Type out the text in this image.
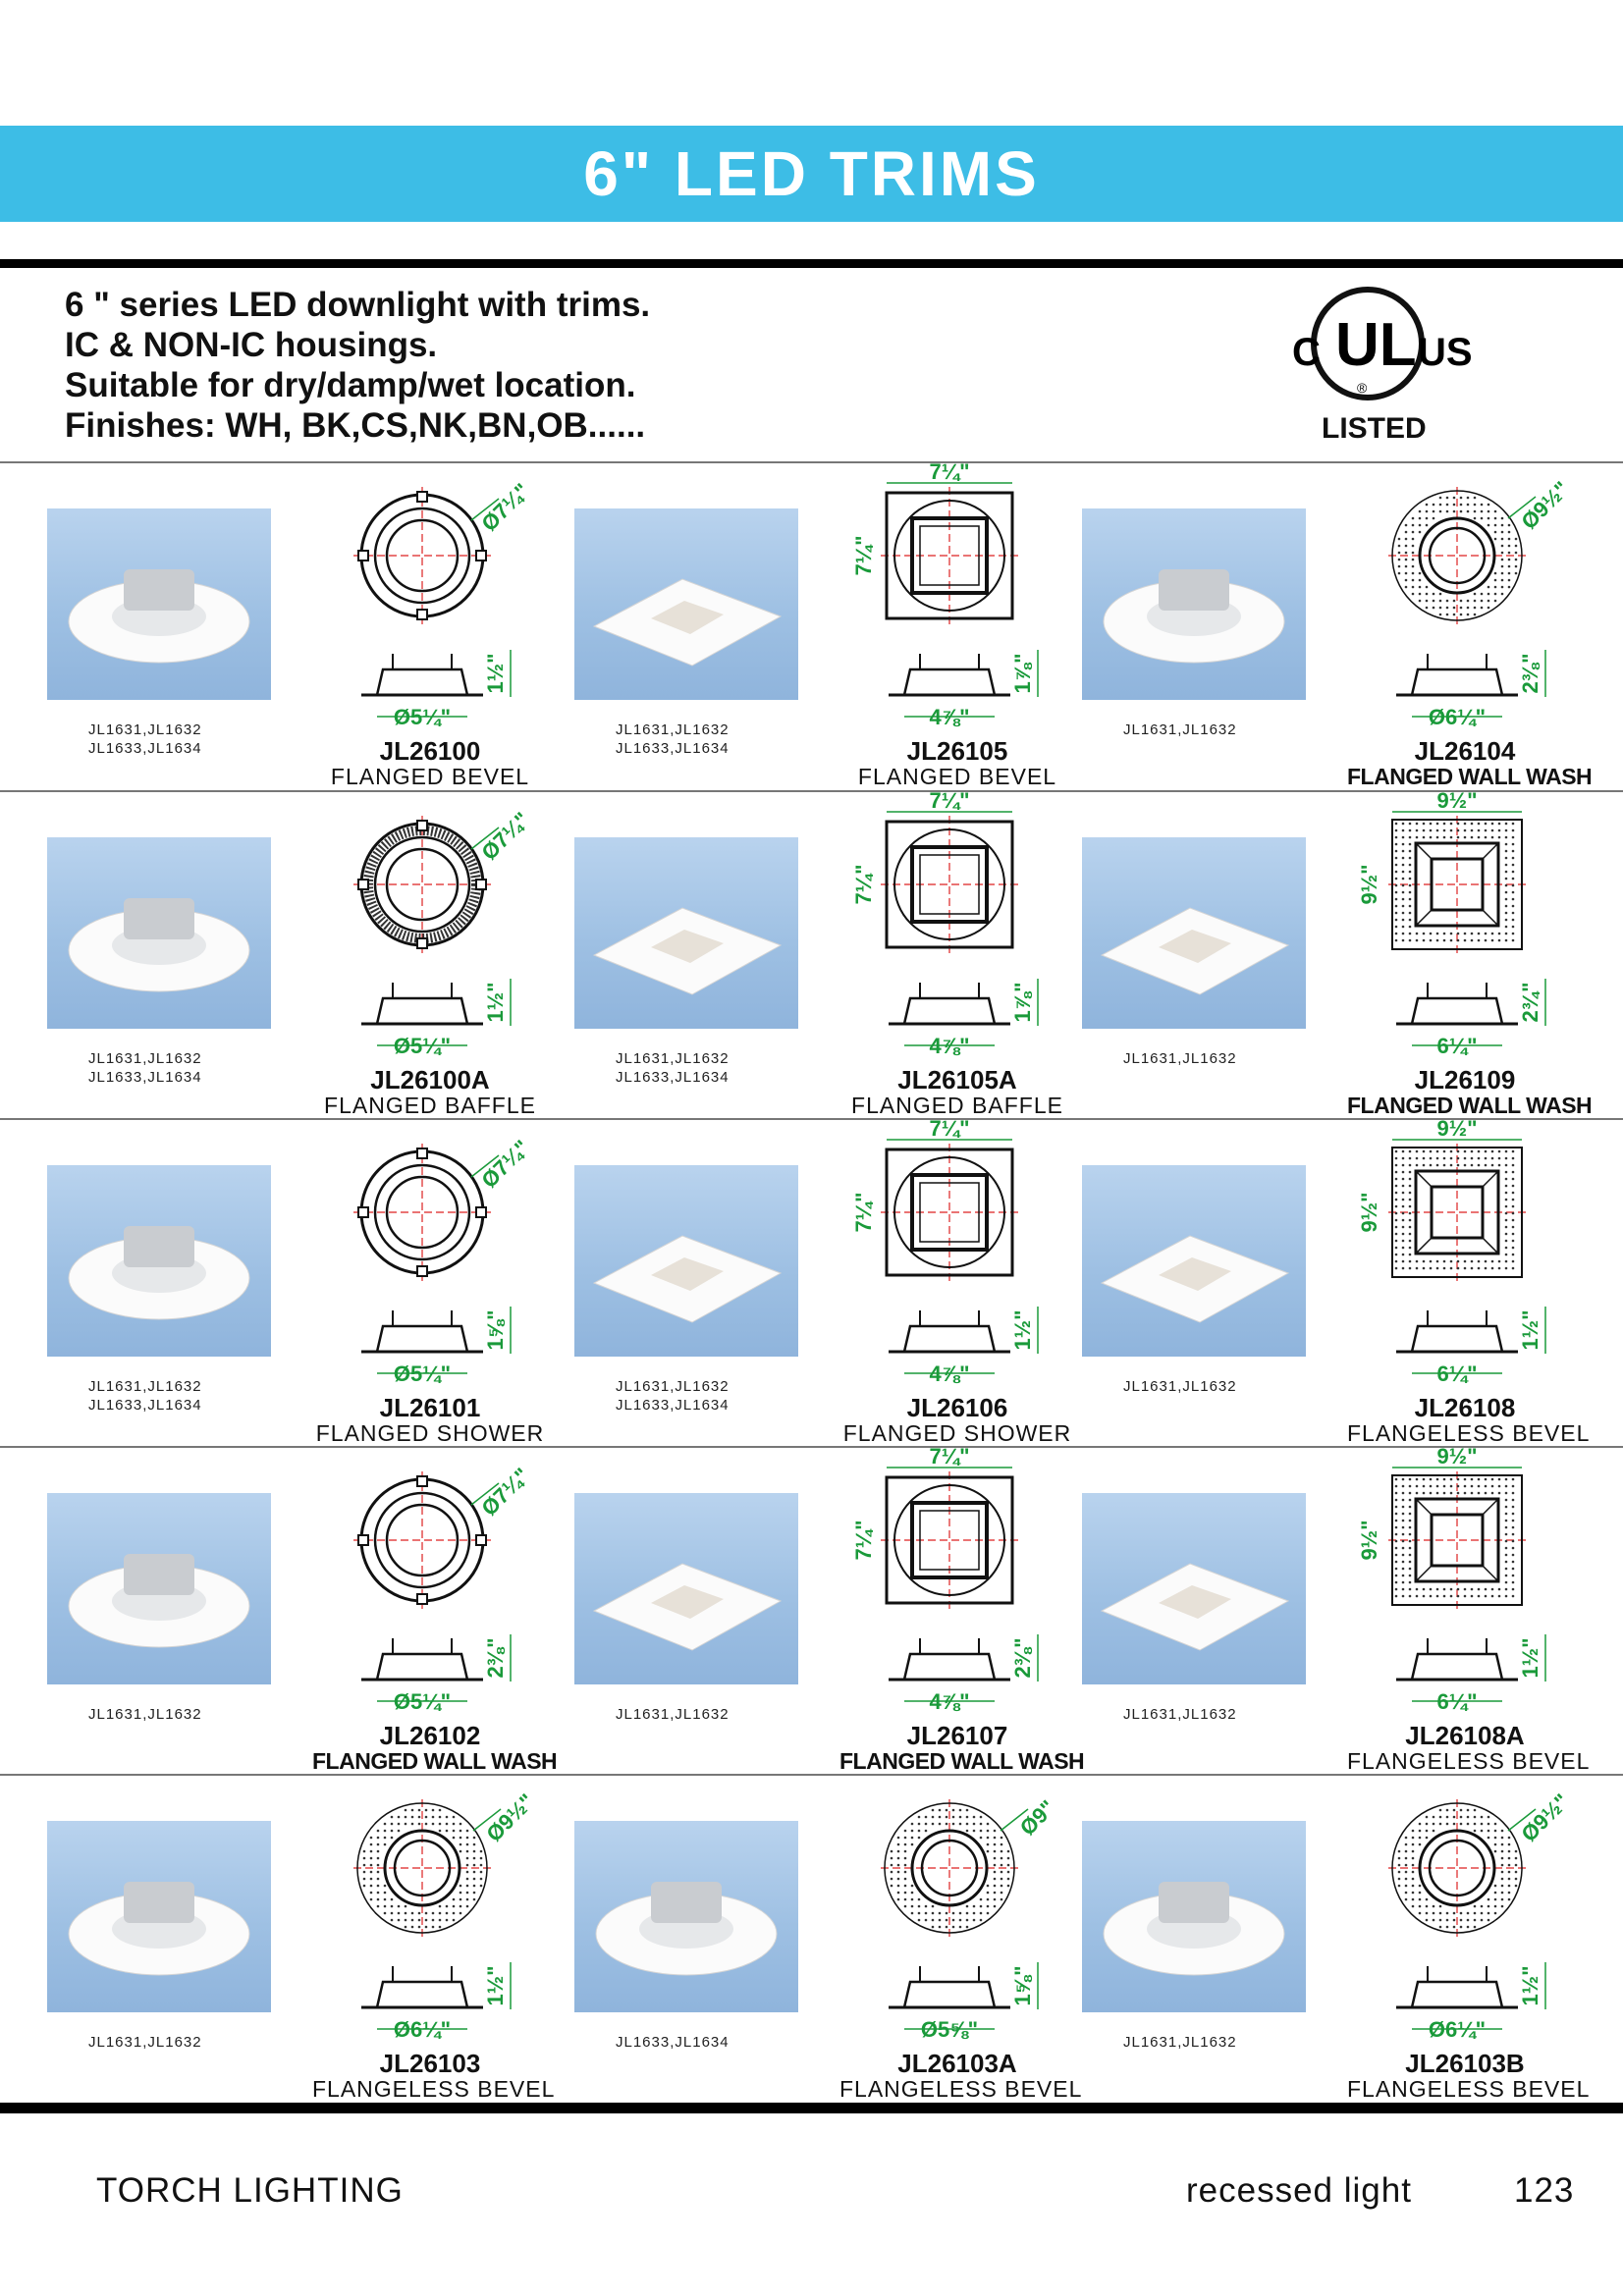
6" LED TRIMS
6 " series LED downlight with trims.
IC & NON-IC housings.
Suitable for dry/damp/wet location.
Finishes: WH, BK,CS,NK,BN,OB......
C UL US
®
LISTED
JL1631,JL1632
JL1633,JL1634
Ø7¼"
1½"
Ø5¼"
JL26100
FLANGED BEVEL
JL1631,JL1632
JL1633,JL1634
7¼"
7¼"
1⅞"
4⅞"
JL26105
FLANGED BEVEL
JL1631,JL1632
Ø9½"
2⅜"
Ø6¼"
JL26104
FLANGED WALL WASH
JL1631,JL1632
JL1633,JL1634
Ø7¼"
1½"
Ø5¼"
JL26100A
FLANGED BAFFLE
JL1631,JL1632
JL1633,JL1634
7¼"
7¼"
1⅞"
4⅞"
JL26105A
FLANGED BAFFLE
JL1631,JL1632
9½"
9½"
2¾"
6¼"
JL26109
FLANGED WALL WASH
JL1631,JL1632
JL1633,JL1634
Ø7¼"
1⅝"
Ø5¼"
JL26101
FLANGED SHOWER
JL1631,JL1632
JL1633,JL1634
7¼"
7¼"
1½"
4⅞"
JL26106
FLANGED SHOWER
JL1631,JL1632
9½"
9½"
1½"
6¼"
JL26108
FLANGELESS BEVEL
JL1631,JL1632
Ø7¼"
2⅜"
Ø5¼"
JL26102
FLANGED WALL WASH
JL1631,JL1632
7¼"
7¼"
2⅜"
4⅞"
JL26107
FLANGED WALL WASH
JL1631,JL1632
9½"
9½"
1½"
6¼"
JL26108A
FLANGELESS BEVEL
JL1631,JL1632
Ø9½"
1½"
Ø6¼"
JL26103
FLANGELESS BEVEL
JL1633,JL1634
Ø9"
1⅝"
Ø5⅝"
JL26103A
FLANGELESS BEVEL
JL1631,JL1632
Ø9½"
1½"
Ø6¼"
JL26103B
FLANGELESS BEVEL
TORCH LIGHTING	recessed light	123
